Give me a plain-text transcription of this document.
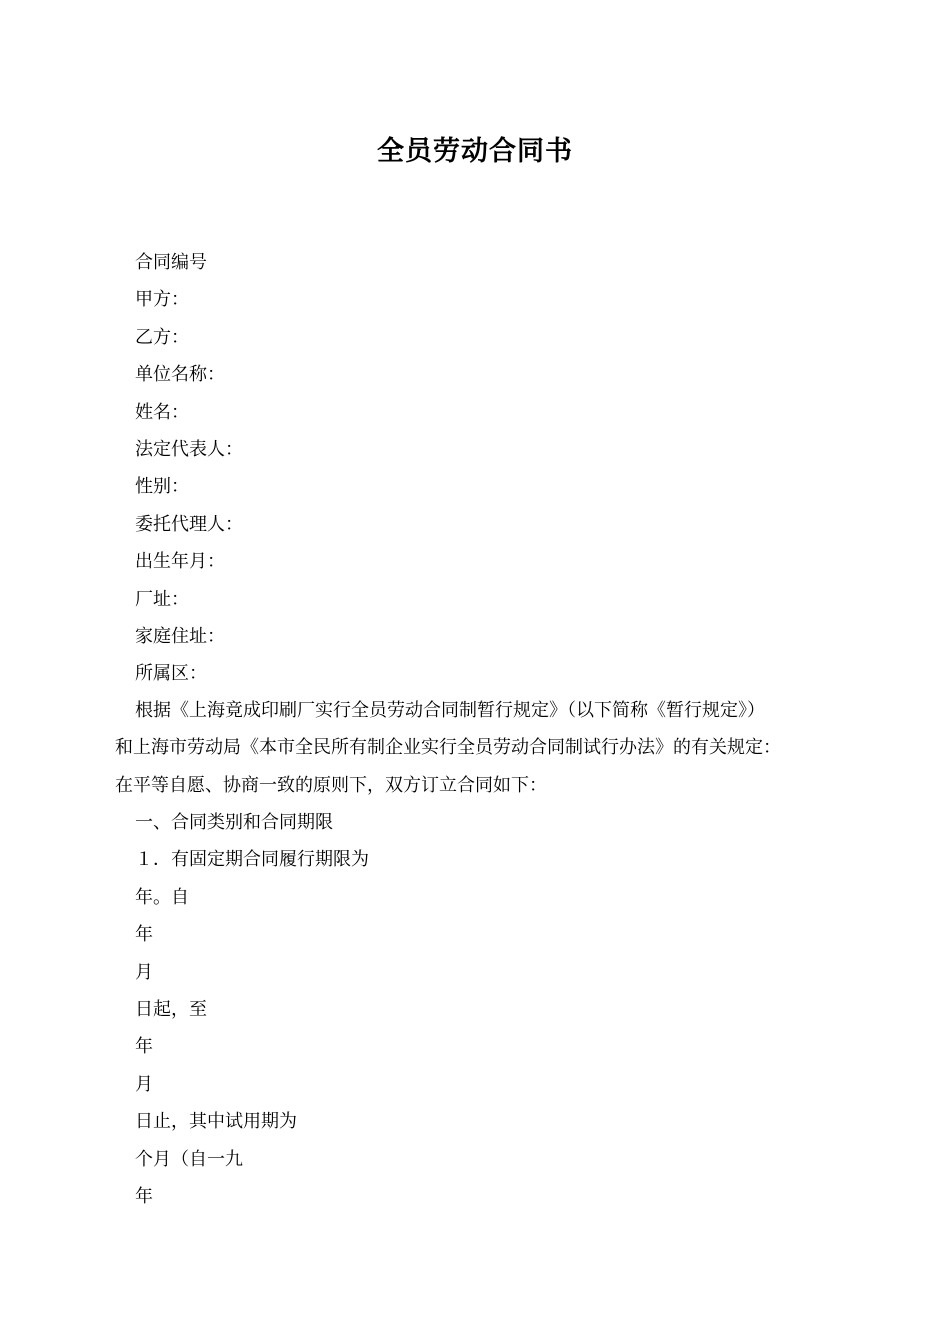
全员劳动合同书
合同编号
甲方：
乙方：
单位名称：
姓名：
法定代表人：
性别：
委托代理人：
出生年月：
厂址：
家庭住址：
所属区：
根据《上海竟成印刷厂实行全员劳动合同制暂行规定》（以下简称《暂行规定》）
和上海市劳动局《本市全民所有制企业实行全员劳动合同制试行办法》的有关规定：
在平等自愿、协商一致的原则下，双方订立合同如下：
一、合同类别和合同期限
１．有固定期合同履行期限为
年。自
年
月
日起，至
年
月
日止，其中试用期为
个月（自一九
年
